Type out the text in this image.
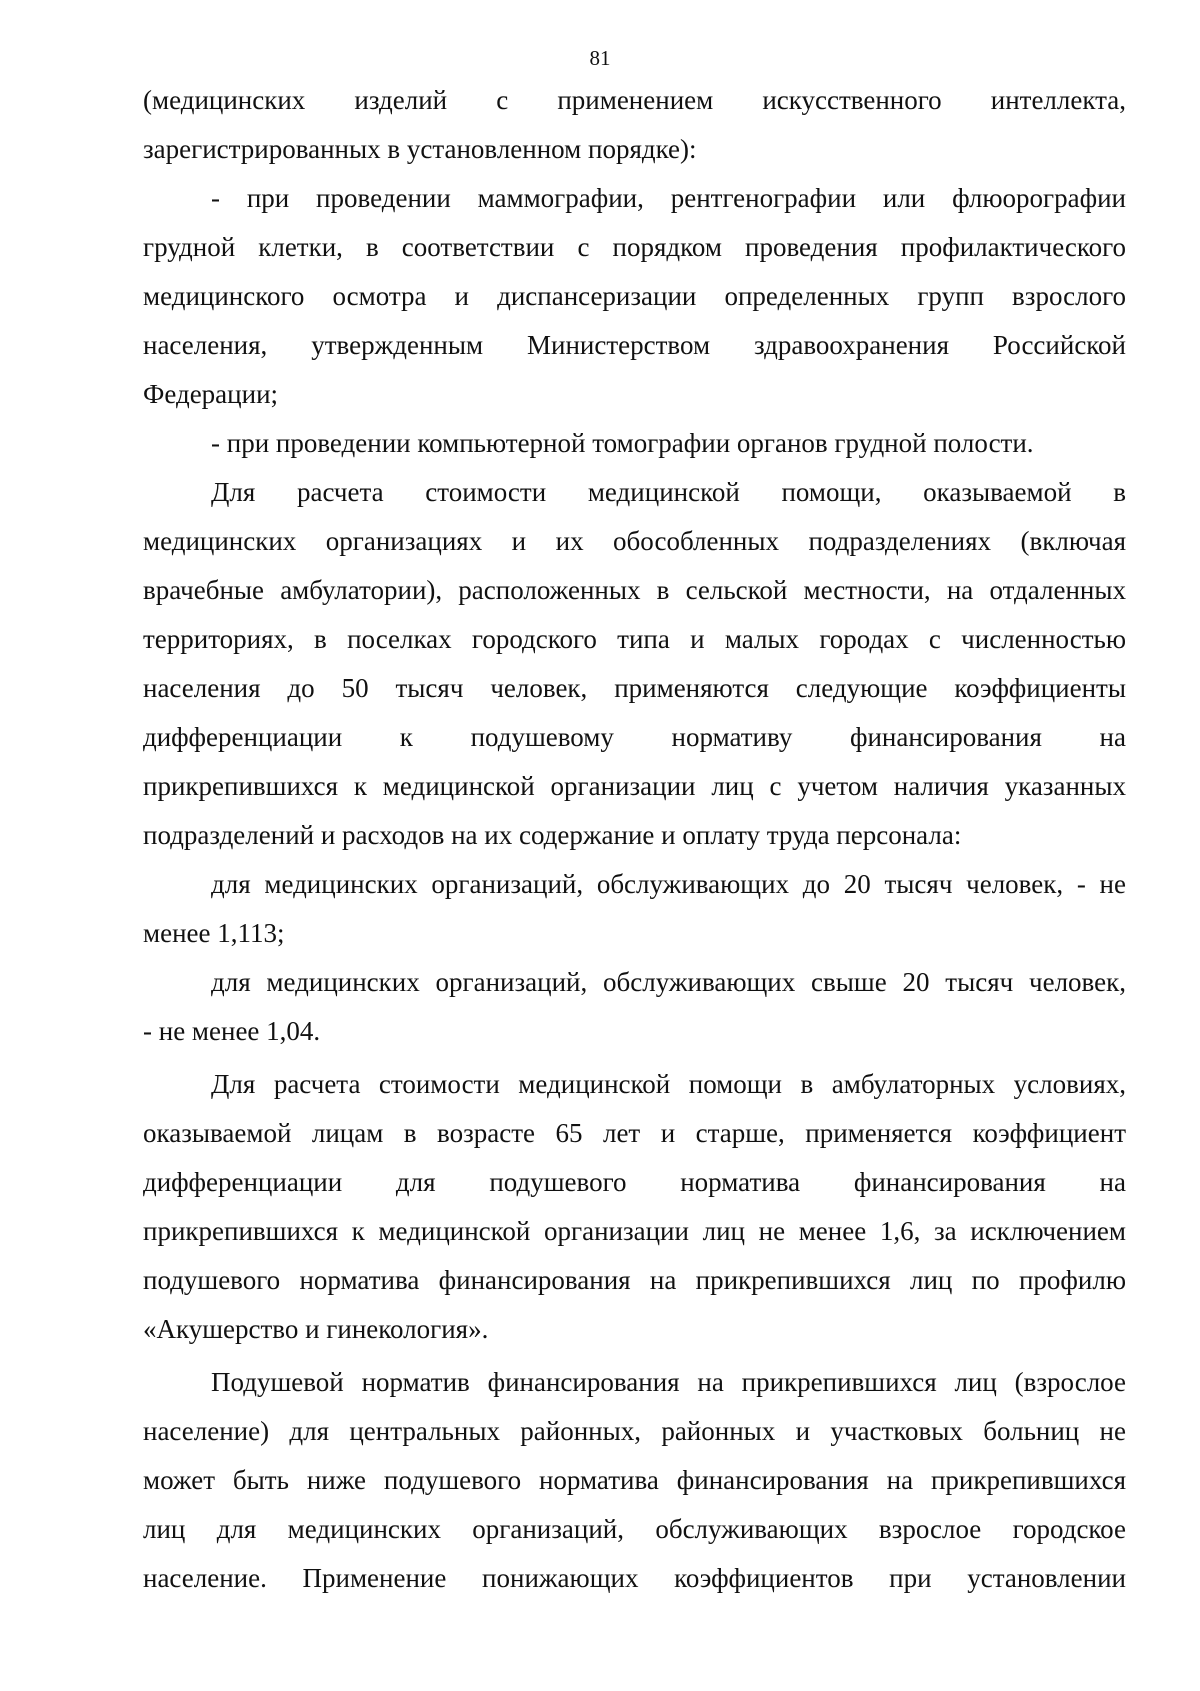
81
(медицинских изделий с применением искусственного интеллекта,
зарегистрированных в установленном порядке):
- при проведении маммографии, рентгенографии или флюорографии
грудной клетки, в соответствии с порядком проведения профилактического
медицинского осмотра и диспансеризации определенных групп взрослого
населения, утвержденным Министерством здравоохранения Российской
Федерации;
- при проведении компьютерной томографии органов грудной полости.
Для расчета стоимости медицинской помощи, оказываемой в
медицинских организациях и их обособленных подразделениях (включая
врачебные амбулатории), расположенных в сельской местности, на отдаленных
территориях, в поселках городского типа и малых городах с численностью
населения до 50 тысяч человек, применяются следующие коэффициенты
дифференциации к подушевому нормативу финансирования на
прикрепившихся к медицинской организации лиц с учетом наличия указанных
подразделений и расходов на их содержание и оплату труда персонала:
для медицинских организаций, обслуживающих до 20 тысяч человек, - не
менее 1,113;
для медицинских организаций, обслуживающих свыше 20 тысяч человек,
- не менее 1,04.
Для расчета стоимости медицинской помощи в амбулаторных условиях,
оказываемой лицам в возрасте 65 лет и старше, применяется коэффициент
дифференциации для подушевого норматива финансирования на
прикрепившихся к медицинской организации лиц не менее 1,6, за исключением
подушевого норматива финансирования на прикрепившихся лиц по профилю
«Акушерство и гинекология».
Подушевой норматив финансирования на прикрепившихся лиц (взрослое
население) для центральных районных, районных и участковых больниц не
может быть ниже подушевого норматива финансирования на прикрепившихся
лиц для медицинских организаций, обслуживающих взрослое городское
население. Применение понижающих коэффициентов при установлении
